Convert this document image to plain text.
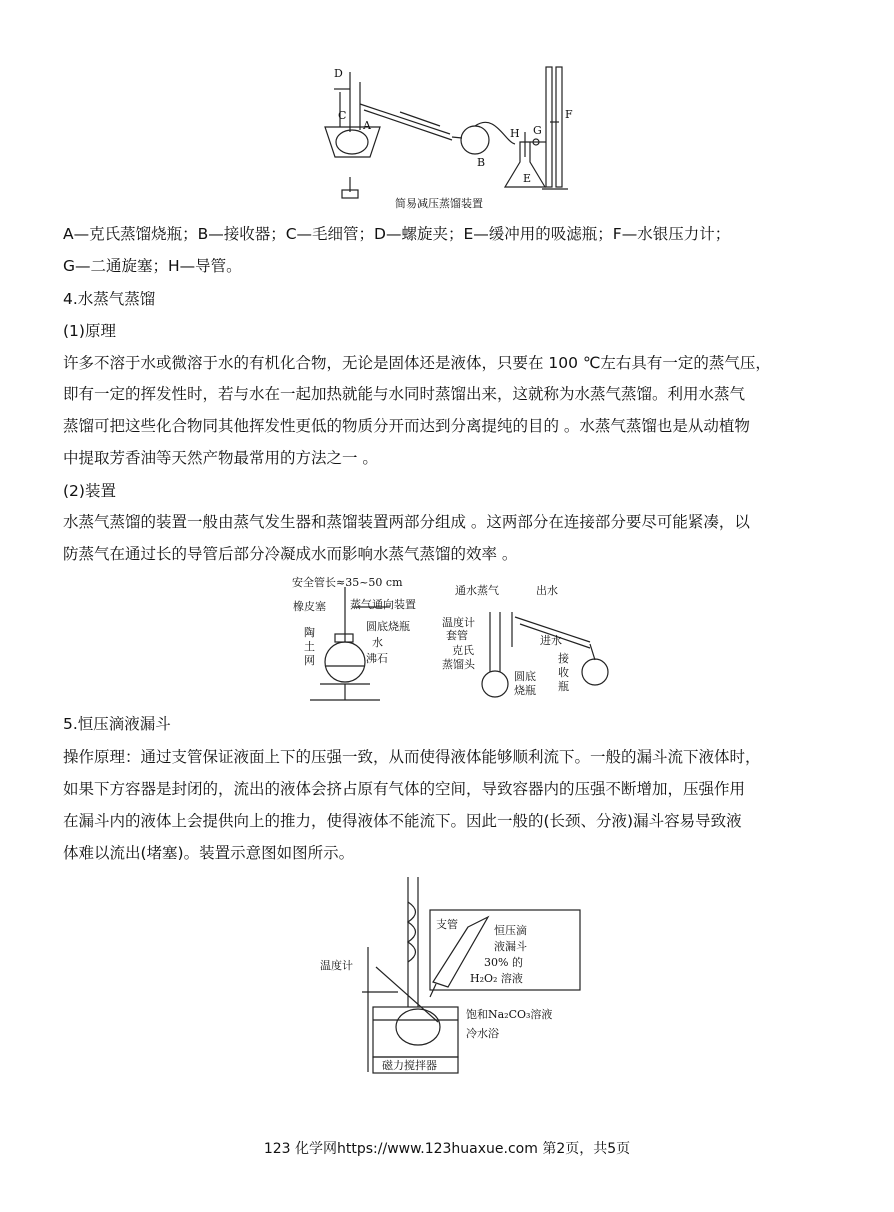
D
C
A
B
H G
E
F
简易减压蒸馏装置
A—克氏蒸馏烧瓶；B—接收器；C—毛细管；D—螺旋夹；E—缓冲用的吸滤瓶；F—水银压力计；
G—二通旋塞；H—导管。
4.水蒸气蒸馏
(1)原理
许多不溶于水或微溶于水的有机化合物，无论是固体还是液体，只要在 100 ℃左右具有一定的蒸气压，
即有一定的挥发性时，若与水在一起加热就能与水同时蒸馏出来，这就称为水蒸气蒸馏。利用水蒸气
蒸馏可把这些化合物同其他挥发性更低的物质分开而达到分离提纯的目的 。水蒸气蒸馏也是从动植物
中提取芳香油等天然产物最常用的方法之一 。
(2)装置
水蒸气蒸馏的装置一般由蒸气发生器和蒸馏装置两部分组成 。这两部分在连接部分要尽可能紧凑，以
防蒸气在通过长的导管后部分冷凝成水而影响水蒸气蒸馏的效率 。
安全管长≈35~50 cm
橡皮塞 蒸气通向装置
圆底烧瓶
水
沸石
陶
土
网
通水蒸气	出水
温度计
套管
克氏
蒸馏头
进水
接
收
瓶
圆底
烧瓶
5.恒压滴液漏斗
操作原理：通过支管保证液面上下的压强一致，从而使得液体能够顺利流下。一般的漏斗流下液体时，
如果下方容器是封闭的，流出的液体会挤占原有气体的空间，导致容器内的压强不断增加，压强作用
在漏斗内的液体上会提供向上的推力，使得液体不能流下。因此一般的(长颈、分液)漏斗容易导致液
体难以流出(堵塞)。装置示意图如图所示。
支管	恒压滴
液漏斗
30% 的
H₂O₂ 溶液
温度计
饱和Na₂CO₃溶液
冷水浴
磁力搅拌器
123 化学网https://www.123huaxue.com 第2页，共5页
